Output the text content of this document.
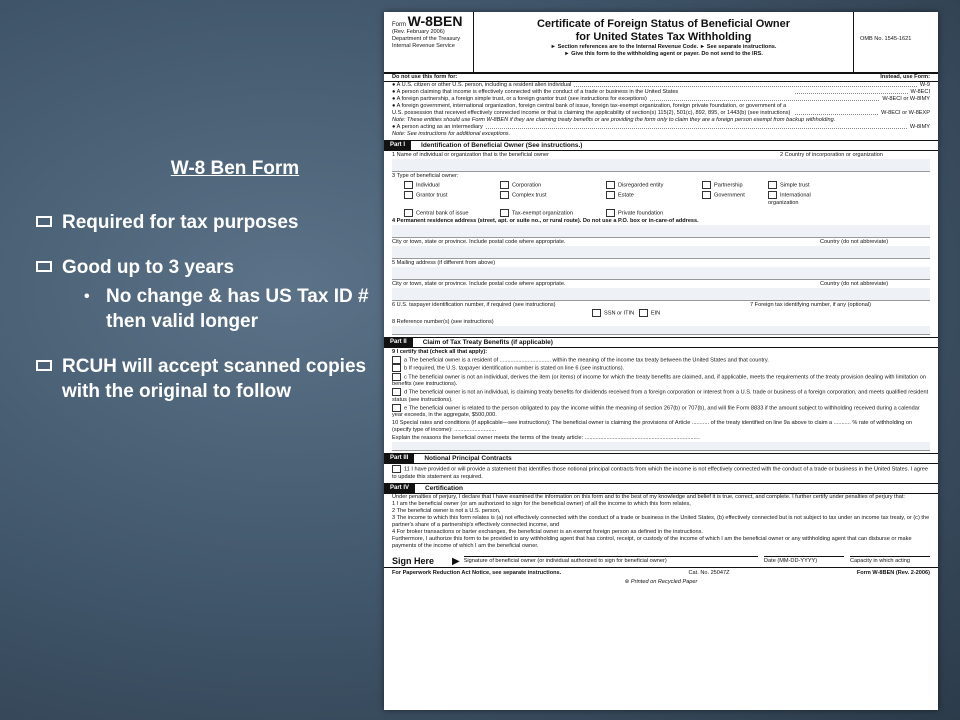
W-8 Ben Form
Required for tax purposes
Good up to 3 years
• No change & has US Tax ID # then valid longer
RCUH will accept scanned copies with the original to follow
Form W-8BEN
(Rev. February 2006)
Department of the Treasury
Internal Revenue Service
Certificate of Foreign Status of Beneficial Owner
for United States Tax Withholding
► Section references are to the Internal Revenue Code. ► See separate instructions.
► Give this form to the withholding agent or payer. Do not send to the IRS.
OMB No. 1545-1621
Do not use this form for:	Instead, use Form:
● A U.S. citizen or other U.S. person, including a resident alien individual	W-9
● A person claiming that income is effectively connected with the conduct of a trade or business in the United States	W-8ECI
● A foreign partnership, a foreign simple trust, or a foreign grantor trust (see instructions for exceptions)	W-8ECI or W-8IMY
● A foreign government, international organization, foreign central bank of issue, foreign tax-exempt organization, foreign private foundation, or government of a U.S. possession that received effectively connected income or that is claiming the applicability of section(s) 115(2), 501(c), 892, 895, or 1443(b) (see instructions)	W-8ECI or W-8EXP
Note: These entities should use Form W-8BEN if they are claiming treaty benefits or are providing the form only to claim they are a foreign person exempt from backup withholding.
● A person acting as an intermediary	W-8IMY
Note: See instructions for additional exceptions.
Part I	Identification of Beneficial Owner (See instructions.)
1 Name of individual or organization that is the beneficial owner	2 Country of incorporation or organization
3 Type of beneficial owner:
Individual	Corporation	Disregarded entity	Partnership	Simple trust
Grantor trust	Complex trust	Estate	Government	International organization
Central bank of issue	Tax-exempt organization	Private foundation
4 Permanent residence address (street, apt. or suite no., or rural route). Do not use a P.O. box or in-care-of address.
City or town, state or province. Include postal code where appropriate.	Country (do not abbreviate)
5 Mailing address (if different from above)
City or town, state or province. Include postal code where appropriate.	Country (do not abbreviate)
6 U.S. taxpayer identification number, if required (see instructions)
SSN or ITIN	EIN
7 Foreign tax identifying number, if any (optional)
8 Reference number(s) (see instructions)
Part II	Claim of Tax Treaty Benefits (if applicable)
9 I certify that (check all that apply):
a The beneficial owner is a resident of ................................. within the meaning of the income tax treaty between the United States and that country.
b If required, the U.S. taxpayer identification number is stated on line 6 (see instructions).
c The beneficial owner is not an individual, derives the item (or items) of income for which the treaty benefits are claimed, and, if applicable, meets the requirements of the treaty provision dealing with limitation on benefits (see instructions).
d The beneficial owner is not an individual, is claiming treaty benefits for dividends received from a foreign corporation or interest from a U.S. trade or business of a foreign corporation, and meets qualified resident status (see instructions).
e The beneficial owner is related to the person obligated to pay the income within the meaning of section 267(b) or 707(b), and will file Form 8833 if the amount subject to withholding received during a calendar year exceeds, in the aggregate, $500,000.
10 Special rates and conditions (if applicable—see instructions): The beneficial owner is claiming the provisions of Article ........... of the treaty identified on line 9a above to claim a ........... % rate of withholding on (specify type of income): ...........................
Explain the reasons the beneficial owner meets the terms of the treaty article: ..........................................................................
Part III	Notional Principal Contracts
11 I have provided or will provide a statement that identifies those notional principal contracts from which the income is not effectively connected with the conduct of a trade or business in the United States. I agree to update this statement as required.
Part IV	Certification
Under penalties of perjury, I declare that I have examined the information on this form and to the best of my knowledge and belief it is true, correct, and complete. I further certify under penalties of perjury that:
1 I am the beneficial owner (or am authorized to sign for the beneficial owner) of all the income to which this form relates,
2 The beneficial owner is not a U.S. person,
3 The income to which this form relates is (a) not effectively connected with the conduct of a trade or business in the United States, (b) effectively connected but is not subject to tax under an income tax treaty, or (c) the partner's share of a partnership's effectively connected income, and
4 For broker transactions or barter exchanges, the beneficial owner is an exempt foreign person as defined in the instructions.
Furthermore, I authorize this form to be provided to any withholding agent that has control, receipt, or custody of the income of which I am the beneficial owner or any withholding agent that can disburse or make payments of the income of which I am the beneficial owner.
Sign Here	▶ Signature of beneficial owner (or individual authorized to sign for beneficial owner)	Date (MM-DD-YYYY)	Capacity in which acting
For Paperwork Reduction Act Notice, see separate instructions.	Cat. No. 25047Z	Form W-8BEN (Rev. 2-2006)
⊛ Printed on Recycled Paper
